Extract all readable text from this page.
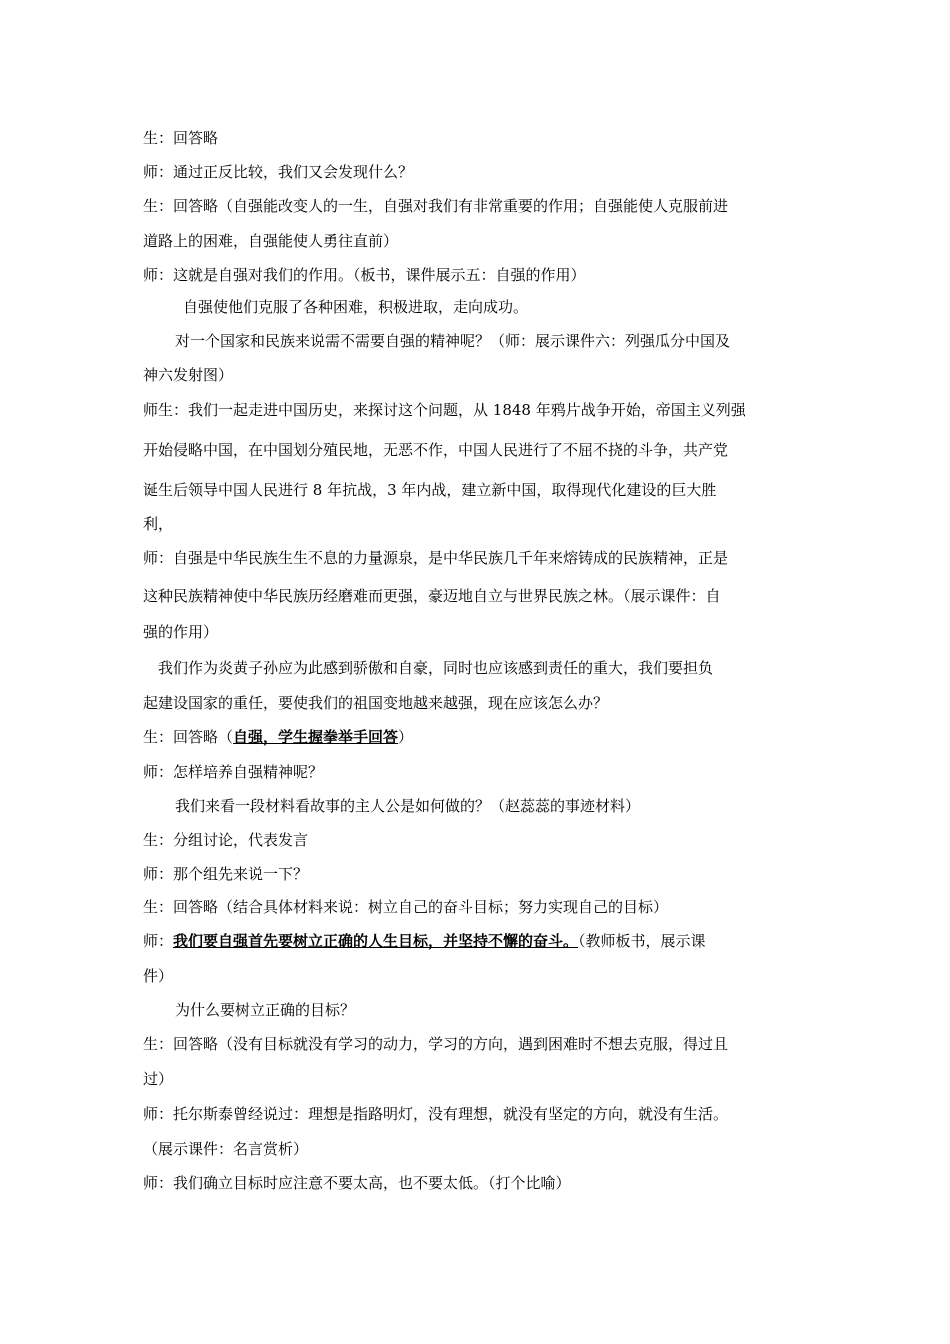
生：回答略

师：通过正反比较，我们又会发现什么？

生：回答略（自强能改变人的一生，自强对我们有非常重要的作用；自强能使人克服前进

道路上的困难，自强能使人勇往直前）

师：这就是自强对我们的作用。（板书，课件展示五：自强的作用）

自强使他们克服了各种困难，积极进取，走向成功。

对一个国家和民族来说需不需要自强的精神呢？（师：展示课件六：列强瓜分中国及

神六发射图）

师生：我们一起走进中国历史，来探讨这个问题，从 1848 年鸦片战争开始，帝国主义列强

开始侵略中国，在中国划分殖民地，无恶不作，中国人民进行了不屈不挠的斗争，共产党

诞生后领导中国人民进行 8 年抗战，3 年内战，建立新中国，取得现代化建设的巨大胜

利，

师：自强是中华民族生生不息的力量源泉，是中华民族几千年来熔铸成的民族精神，正是

这种民族精神使中华民族历经磨难而更强，豪迈地自立与世界民族之林。（展示课件：自

强的作用）

我们作为炎黄子孙应为此感到骄傲和自豪，同时也应该感到责任的重大，我们要担负

起建设国家的重任，要使我们的祖国变地越来越强，现在应该怎么办？

生：回答略（自强，学生握拳举手回答）

师：怎样培养自强精神呢？

我们来看一段材料看故事的主人公是如何做的？（赵蕊蕊的事迹材料）

生：分组讨论，代表发言

师：那个组先来说一下？

生：回答略（结合具体材料来说：树立自己的奋斗目标；努力实现自己的目标）

师：我们要自强首先要树立正确的人生目标，并坚持不懈的奋斗。（教师板书，展示课

件）

为什么要树立正确的目标？

生：回答略（没有目标就没有学习的动力，学习的方向，遇到困难时不想去克服，得过且

过）

师：托尔斯泰曾经说过：理想是指路明灯，没有理想，就没有坚定的方向，就没有生活。

（展示课件：名言赏析）

师：我们确立目标时应注意不要太高，也不要太低。（打个比喻）
